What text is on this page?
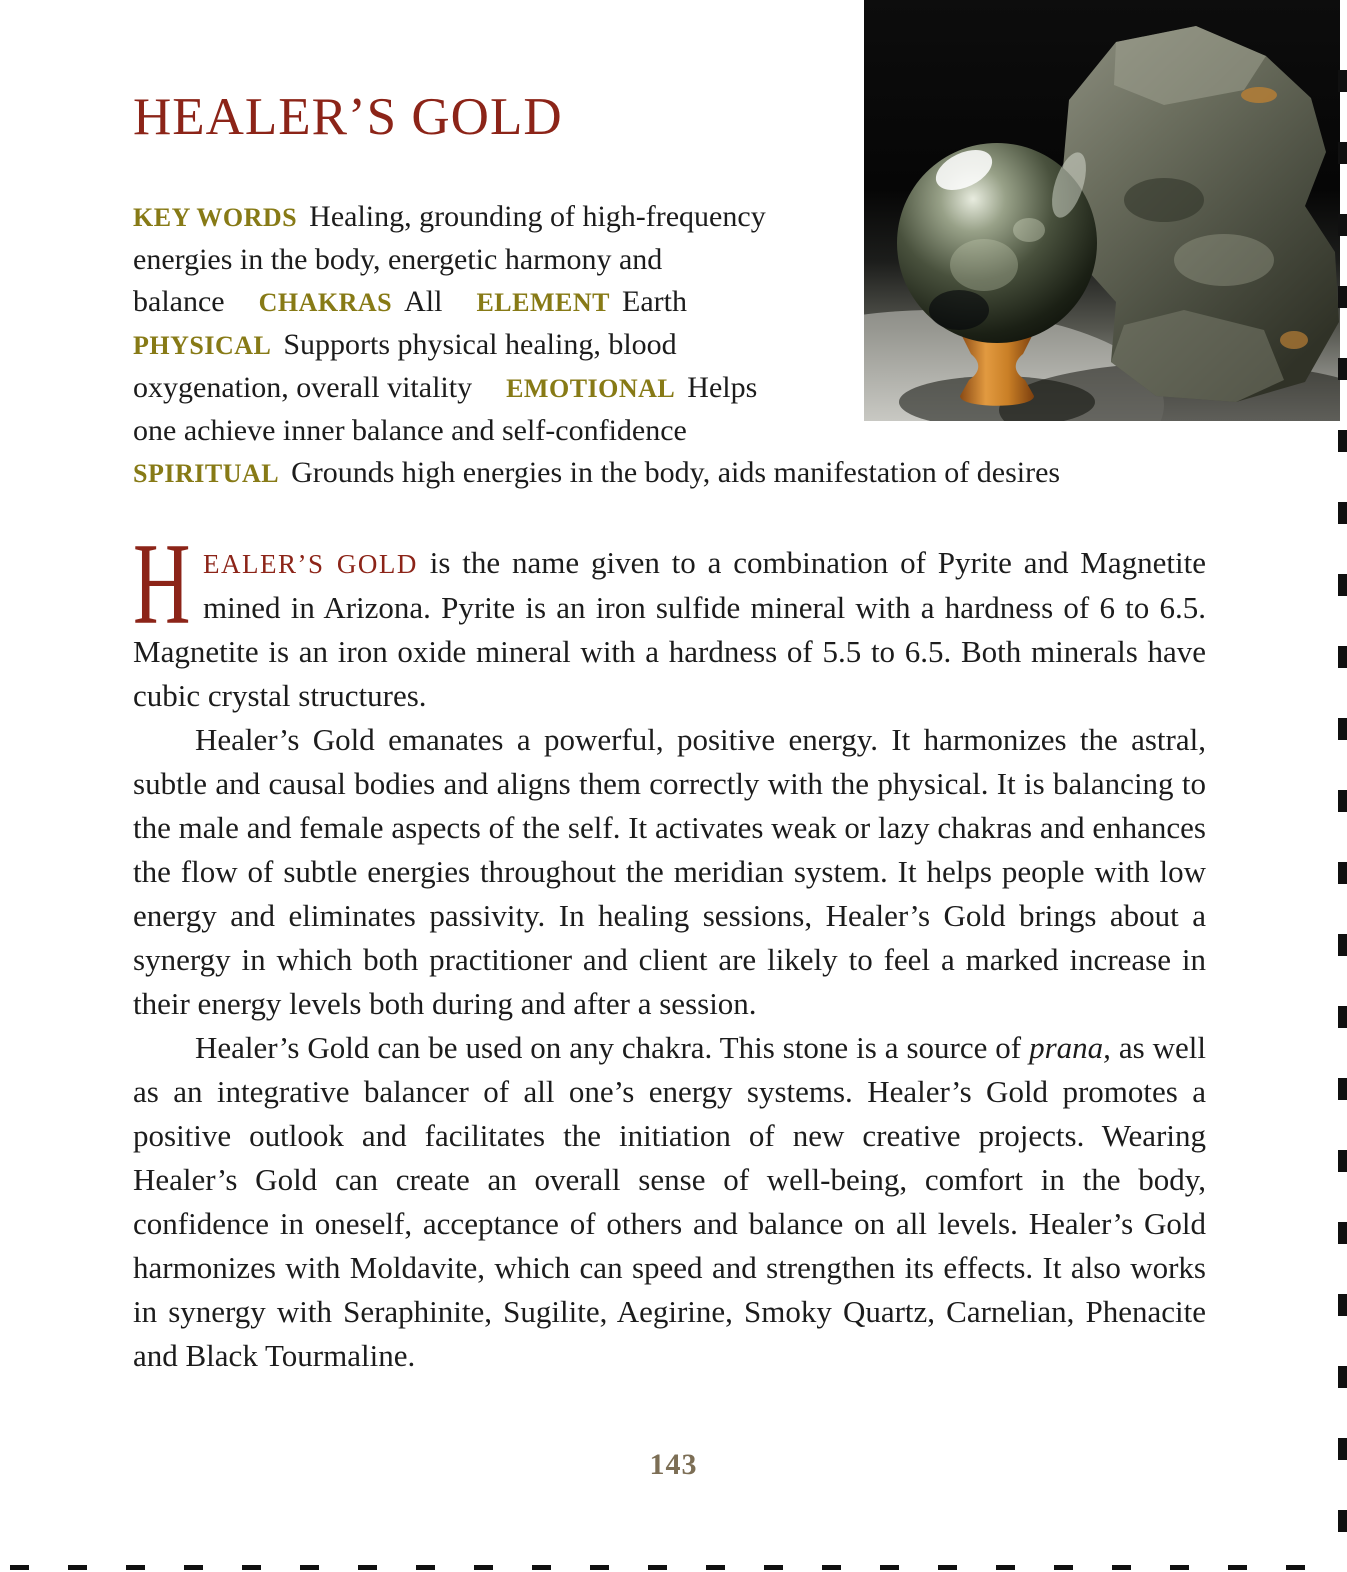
HEALER’S GOLD
KEY WORDS Healing, grounding of high-frequency
energies in the body, energetic harmony and
balance CHAKRAS All ELEMENT Earth
PHYSICAL Supports physical healing, blood
oxygenation, overall vitality EMOTIONAL Helps
one achieve inner balance and self-confidence
SPIRITUAL Grounds high energies in the body, aids manifestation of desires

HEALER’S GOLD is the name given to a combination of Pyrite and Magnetite mined in Arizona. Pyrite is an iron sulfide mineral with a hardness of 6 to 6.5. Magnetite is an iron oxide mineral with a hardness of 5.5 to 6.5. Both minerals have cubic crystal structures.

Healer’s Gold emanates a powerful, positive energy. It harmonizes the astral, subtle and causal bodies and aligns them correctly with the physical. It is balancing to the male and female aspects of the self. It activates weak or lazy chakras and enhances the flow of subtle energies throughout the meridian system. It helps people with low energy and eliminates passivity. In healing sessions, Healer’s Gold brings about a synergy in which both practitioner and client are likely to feel a marked increase in their energy levels both during and after a session.

Healer’s Gold can be used on any chakra. This stone is a source of prana, as well as an integrative balancer of all one’s energy systems. Healer’s Gold promotes a positive outlook and facilitates the initiation of new creative projects. Wearing Healer’s Gold can create an overall sense of well-being, comfort in the body, confidence in oneself, acceptance of others and balance on all levels. Healer’s Gold harmonizes with Moldavite, which can speed and strengthen its effects. It also works in synergy with Seraphinite, Sugilite, Aegirine, Smoky Quartz, Carnelian, Phenacite and Black Tourmaline.

143
